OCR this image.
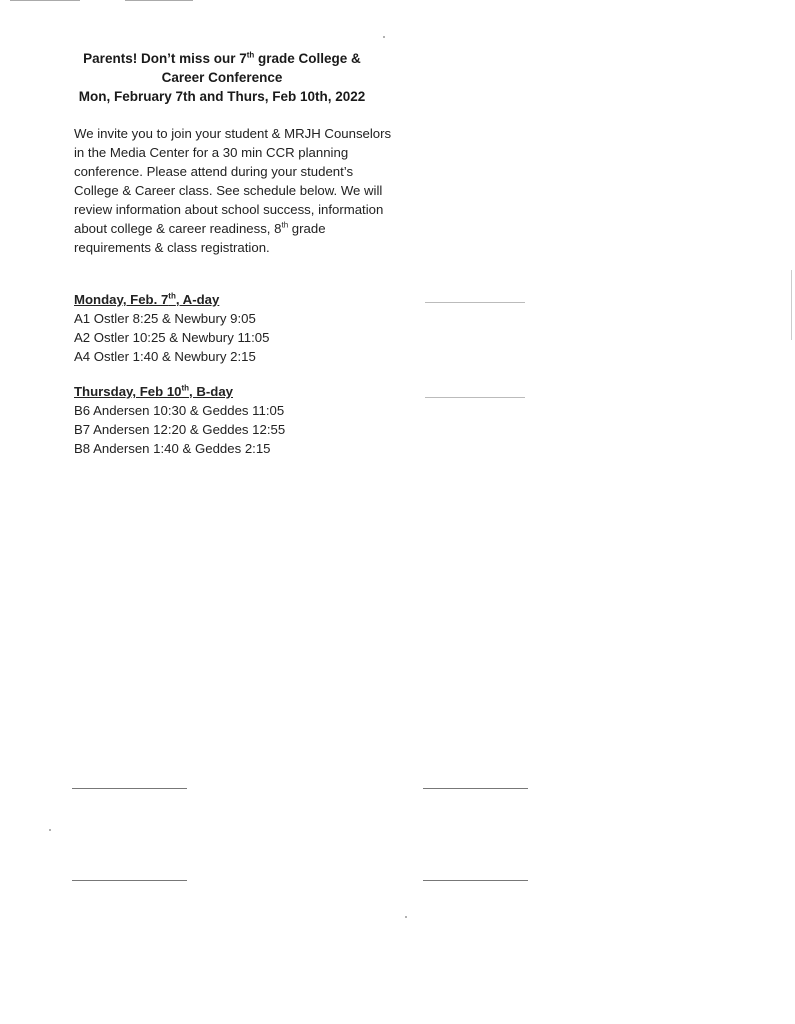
Parents! Don’t miss our 7th grade College &
Career Conference
Mon, February 7th and Thurs, Feb 10th, 2022
We invite you to join your student & MRJH Counselors in the Media Center for a 30 min CCR planning conference. Please attend during your student’s College & Career class. See schedule below. We will review information about school success, information about college & career readiness, 8th grade requirements & class registration.
Monday, Feb. 7th, A-day
A1 Ostler 8:25 & Newbury 9:05
A2 Ostler 10:25 & Newbury 11:05
A4 Ostler 1:40 & Newbury 2:15
Thursday, Feb 10th, B-day
B6 Andersen 10:30 & Geddes 11:05
B7 Andersen 12:20 & Geddes 12:55
B8 Andersen 1:40 & Geddes 2:15
